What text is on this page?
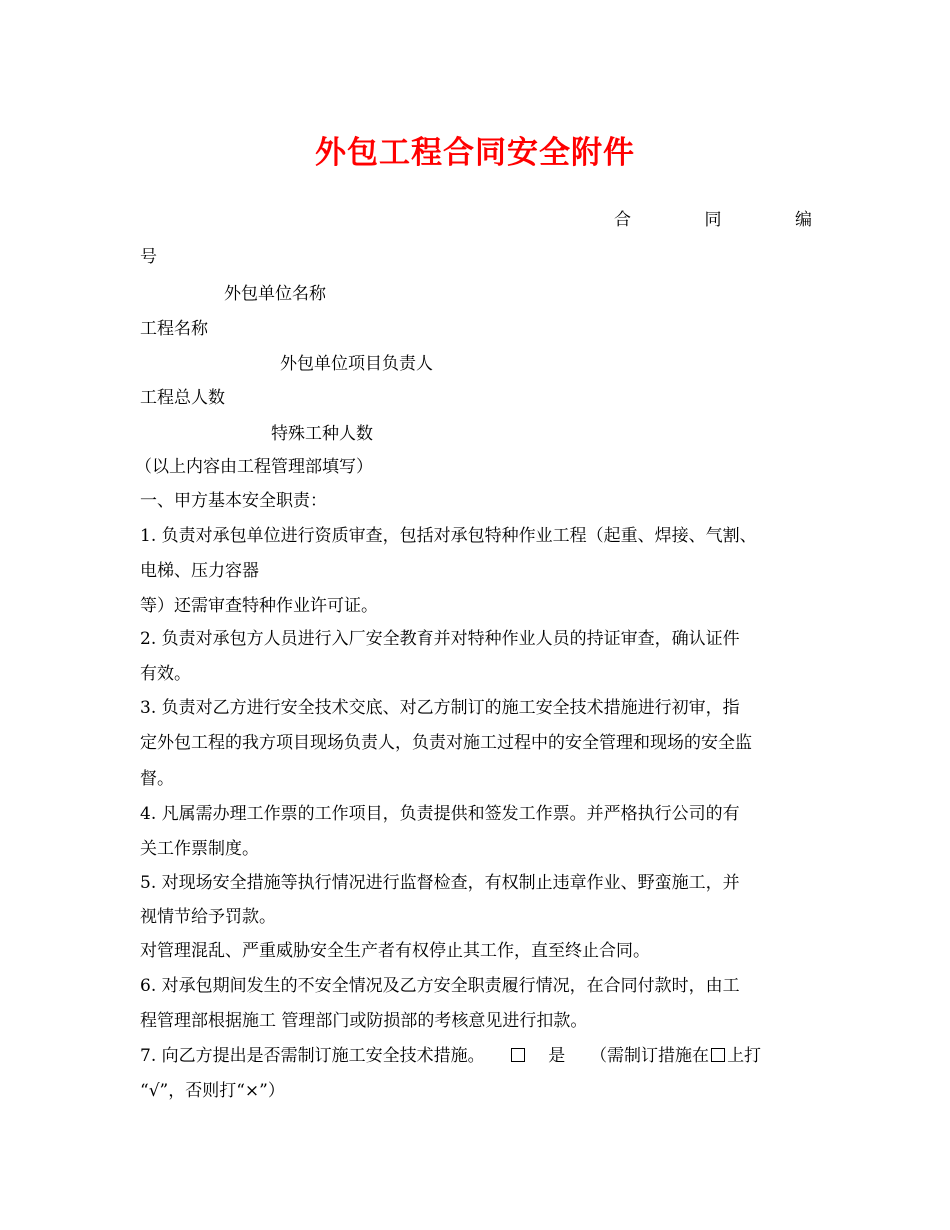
外包工程合同安全附件
合	同	编
号
外包单位名称
工程名称
外包单位项目负责人
工程总人数
特殊工种人数
（以上内容由工程管理部填写）
一、甲方基本安全职责：
1. 负责对承包单位进行资质审查，包括对承包特种作业工程（起重、焊接、气割、
电梯、压力容器
等）还需审查特种作业许可证。
2. 负责对承包方人员进行入厂安全教育并对特种作业人员的持证审查，确认证件
有效。
3. 负责对乙方进行安全技术交底、对乙方制订的施工安全技术措施进行初审，指
定外包工程的我方项目现场负责人，负责对施工过程中的安全管理和现场的安全监
督。
4. 凡属需办理工作票的工作项目，负责提供和签发工作票。并严格执行公司的有
关工作票制度。
5. 对现场安全措施等执行情况进行监督检查，有权制止违章作业、野蛮施工，并
视情节给予罚款。
对管理混乱、严重威胁安全生产者有权停止其工作，直至终止合同。
6. 对承包期间发生的不安全情况及乙方安全职责履行情况，在合同付款时，由工
程管理部根据施工 管理部门或防损部的考核意见进行扣款。
7. 向乙方提出是否需制订施工安全技术措施。	是 （需制订措施在 上打
“√”，否则打“×”）
